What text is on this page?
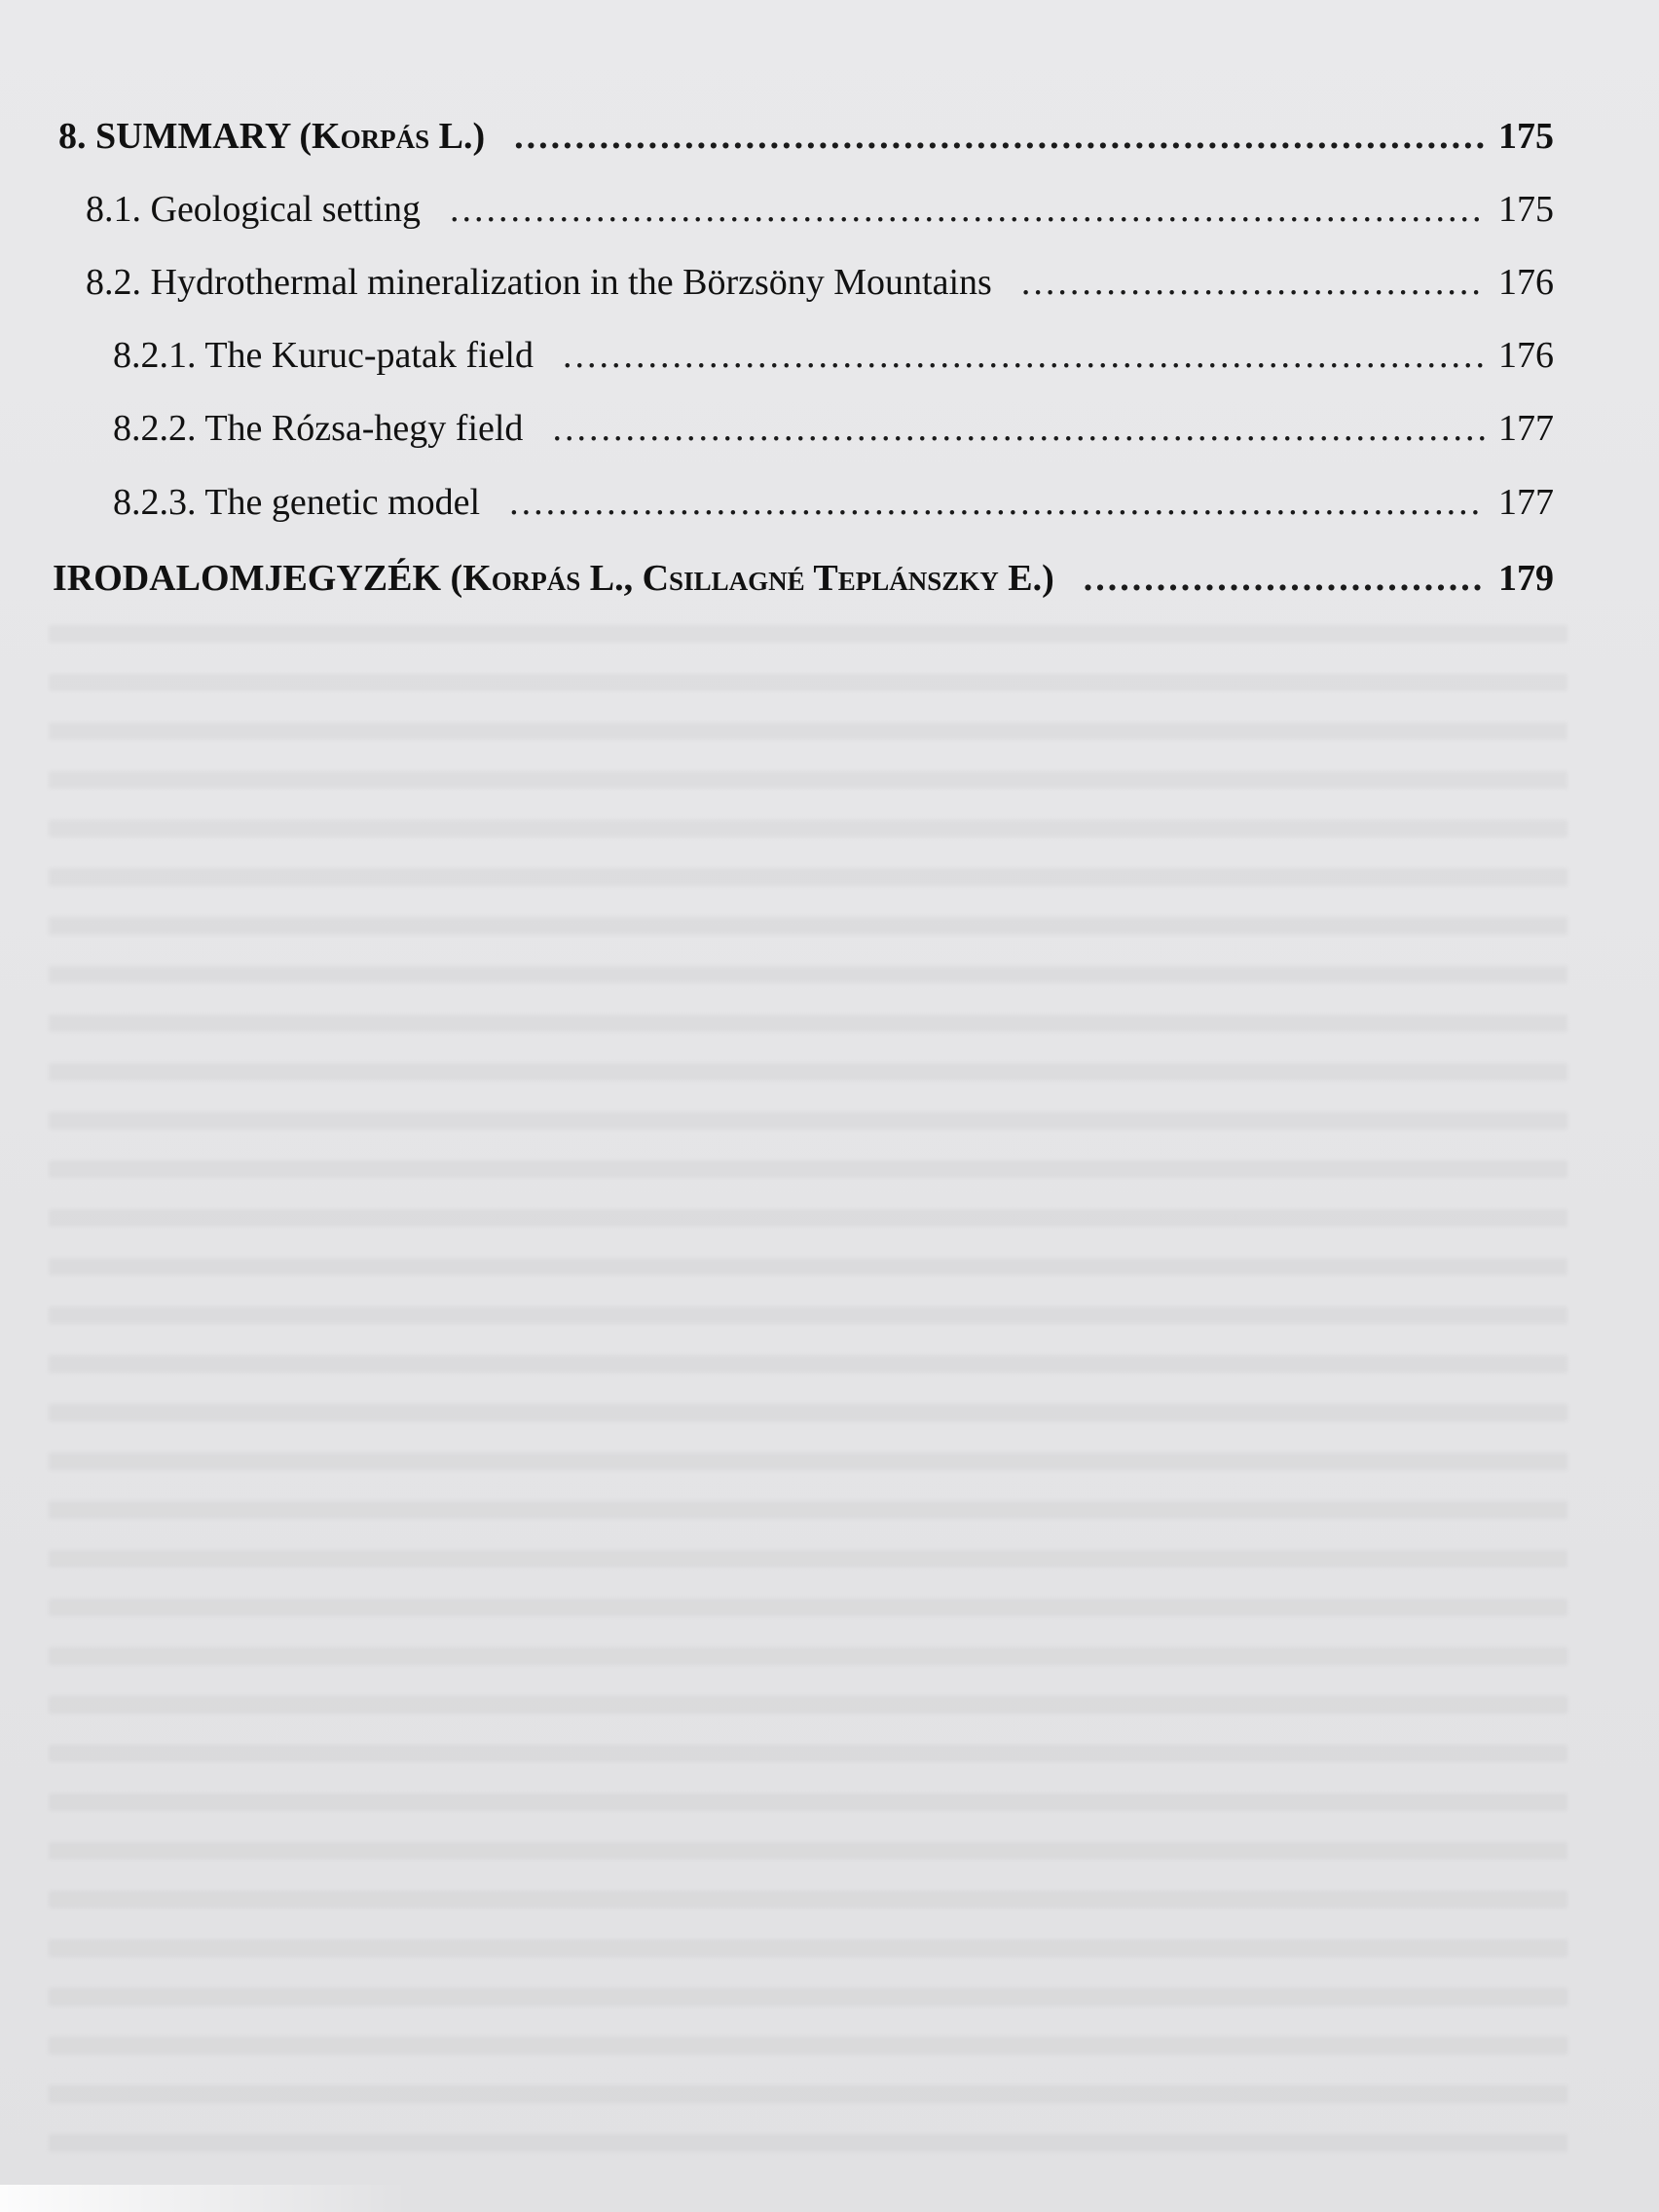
8. SUMMARY (Korpás L.) .....	175
8.1. Geological setting .....	175
8.2. Hydrothermal mineralization in the Börzsöny Mountains .....	176
8.2.1. The Kuruc-patak field .....	176
8.2.2. The Rózsa-hegy field .....	177
8.2.3. The genetic model .....	177
IRODALOMJEGYZÉK (Korpás L., Csillagné Teplánszky E.) .....	179
